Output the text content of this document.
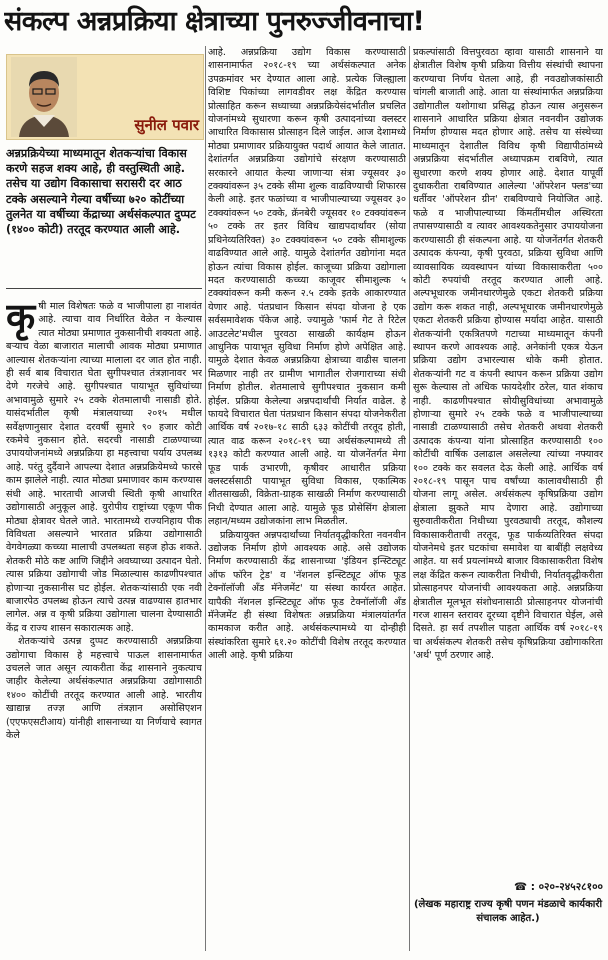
संकल्प अन्नप्रक्रिया क्षेत्राच्या पुनरुज्जीवनाचा!
सुनील पवार

अन्नप्रक्रियेच्या माध्यमातून शेतकऱ्यांचा विकास करणे सहज शक्य आहे, ही वस्तुस्थिती आहे. तसेच या उद्योग विकासाचा सरासरी दर आठ टक्के असल्याने गेल्या वर्षीच्या ७२० कोटींच्या तुलनेत या वर्षीच्या केंद्राच्या अर्थसंकल्पात दुप्पट (१४०० कोटी) तरतूद करण्यात आली आहे.

कृ षी माल विशेषतः फळे व भाजीपाला हा नाशवंत आहे. त्याचा वाव निर्धारित वेळेत न केल्यास त्यात मोठ्या प्रमाणात नुकसानीची शक्यता आहे. बऱ्याच वेळा बाजारात मालाची आवक मोठ्या प्रमाणात आल्यास शेतकऱ्यांना त्याच्या मालाला दर जात होत नाही. ही सर्व बाब विचारात घेता सुगीपश्चात तंत्रज्ञानावर भर देणे गरजेचे आहे. सुगीपश्चात पायाभूत सुविधांच्या अभावामुळे सुमारे २५ टक्के शेतमालाची नासाडी होते. यासंदर्भातील कृषी मंत्रालयाच्या २०१५ मधील सर्वेक्षणानुसार देशात दरवर्षी सुमारे ९० हजार कोटी रकमेचे नुकसान होते. सदरची नासाडी टाळण्याच्या उपाययोजनांमध्ये अन्नप्रक्रिया हा महत्त्वाचा पर्याय उपलब्ध आहे. परंतु दुर्दैवाने आपल्या देशात अन्नप्रक्रियेमध्ये फारसे काम झालेले नाही. त्यात मोठ्या प्रमाणावर काम करण्यास संधी आहे. भारताची आजची स्थिती कृषी आधारित उद्योगासाठी अनुकूल आहे. युरोपीय राष्ट्रांच्या एकूण पीक मोठ्या क्षेत्रावर घेतले जाते. भारतामध्ये राज्यनिहाय पीक विविधता असल्याने भारतात प्रक्रिया उद्योगासाठी वेगवेगळ्या कच्च्या मालाची उपलब्धता सहज होऊ शकते. शेतकरी मोठे कष्ट आणि जिद्दीने अवघ्याच्या उत्पादन घेतो. त्यास प्रक्रिया उद्योगाची जोड मिळाल्यास काढणीपश्चात होणाऱ्या नुकसानीस घट होईल. शेतकऱ्यांसाठी एक नवी बाजारपेठ उपलब्ध होऊन त्याचे उत्पन्न वाढण्यास हातभार लागेल. अन्न व कृषी प्रक्रिया उद्योगाला चालना देण्यासाठी केंद्र व राज्य शासन सकारात्मक आहे.

शेतकऱ्यांचे उत्पन्न दुप्पट करण्यासाठी अन्नप्रक्रिया उद्योगाचा विकास हे महत्त्वाचे पाऊल शासनामार्फत उचलले जात असून त्याकरीता केंद्र शासनाने नुकत्याच जाहीर केलेल्या अर्थसंकल्पात अन्नप्रक्रिया उद्योगासाठी १४०० कोटींची तरतूद करण्यात आली आहे. भारतीय खाद्यान्न तज्ज्ञ आणि तंत्रज्ञान असोसिएशन (एएफएसटीआय) यांनीही शासनाच्या या निर्णयाचे स्वागत केले

आहे. अन्नप्रक्रिया उद्योग विकास करण्यासाठी शासनामार्फत २०१८-१९ च्या अर्थसंकल्पात अनेक उपक्रमांवर भर देण्यात आला आहे. प्रत्येक जिल्ह्याला विशिष्ट पिकांच्या लागवडीवर लक्ष केंद्रित करण्यास प्रोत्साहित करून सध्याच्या अन्नप्रक्रियेसंदर्भातील प्रचलित योजनांमध्ये सुधारणा करून कृषी उत्पादनांच्या क्लस्टर आधारित विकासास प्रोत्साहन दिले जाईल. आज देशामध्ये मोठ्या प्रमाणावर प्रक्रियायुक्त पदार्थ आयात केले जातात. देशांतर्गत अन्नप्रक्रिया उद्योगांचे संरक्षण करण्यासाठी सरकारने आयात केल्या जाणाऱ्या संत्रा ज्यूसवर ३० टक्क्यांवरून ३५ टक्के सीमा शुल्क वाढविण्याची शिफारस केली आहे. इतर फळांच्या व भाजीपाल्याच्या ज्यूसवर ३० टक्क्यांवरून ५० टक्के, क्रॅनबेरी ज्यूसवर १० टक्क्यांवरून ५० टक्के तर इतर विविध खाद्यपदार्थांवर (सोया प्रथिनेव्यतिरिक्त) ३० टक्क्यांवरून ५० टक्के सीमाशुल्क वाढविण्यात आले आहे. यामुळे देशांतर्गत उद्योगांना मदत होऊन त्यांचा विकास होईल. काजूच्या प्रक्रिया उद्योगाला मदत करण्यासाठी कच्च्या काजूवर सीमाशुल्क ५ टक्क्यांवरून कमी करून २.५ टक्के इतके आकारण्यात येणार आहे. पंतप्रधान किसान संपदा योजना हे एक सर्वसमावेशक पॅकेज आहे. ज्यामुळे 'फार्म गेट ते रिटेल आउटलेट'मधील पुरवठा साखळी कार्यक्षम होऊन आधुनिक पायाभूत सुविधा निर्माण होणे अपेक्षित आहे. यामुळे देशात केवळ अन्नप्रक्रिया क्षेत्राच्या वाढीस चालना मिळणार नाही तर ग्रामीण भागातील रोजगाराच्या संधी निर्माण होतील. शेतमालाचे सुगीपश्चात नुकसान कमी होईल. प्रक्रिया केलेल्या अन्नपदार्थांची निर्यात वाढेल. हे फायदे विचारात घेता पंतप्रधान किसान संपदा योजनेकरीता आर्थिक वर्ष २०१७-१८ साठी ६३३ कोटींची तरतूद होती, त्यात वाढ करून २०१८-१९ च्या अर्थसंकल्पामध्ये ती १३१३ कोटी करण्यात आली आहे. या योजनेंतर्गत मेगा फूड पार्क उभारणी, कृषीवर आधारीत प्रक्रिया क्लस्टर्ससाठी पायाभूत सुविधा विकास, एकात्मिक शीतसाखळी, विक्रेता-ग्राहक साखळी निर्माण करण्यासाठी निधी देण्यात आला आहे. यामुळे फूड प्रोसेसिंग क्षेत्राला लहान/मध्यम उद्योजकांना लाभ मिळतील.

प्रक्रियायुक्त अन्नपदार्थांच्या निर्यातवृद्धीकरिता नवनवीन उद्योजक निर्माण होणे आवश्यक आहे. असे उद्योजक निर्माण करण्यासाठी केंद्र शासनाच्या 'इंडियन इन्स्टिट्यूट ऑफ फॉरेन ट्रेड' व 'नॅशनल इन्स्टिट्यूट ऑफ फूड टेक्नॉलॉजी अँड मॅनेजमेंट' या संस्था कार्यरत आहेत. यापैकी नॅशनल इन्स्टिट्यूट ऑफ फूड टेक्नॉलॉजी अँड मॅनेजमेंट ही संस्था विशेषतः अन्नप्रक्रिया मंत्रालयांतर्गत कामकाज करीत आहे. अर्थसंकल्पामध्ये या दोन्हीही संस्थांकरिता सुमारे ६१.२० कोटींची विशेष तरतूद करण्यात आली आहे. कृषी प्रक्रिया

प्रकल्पांसाठी वित्तपुरवठा व्हावा यासाठी शासनाने या क्षेत्रातील विशेष कृषी प्रक्रिया वित्तीय संस्थांची स्थापना करण्याचा निर्णय घेतला आहे, ही नवउद्योजकांसाठी चांगली बाजाती आहे. आता या संस्थांमार्फत अन्नप्रक्रिया उद्योगातील यशोगाथा प्रसिद्ध होऊन त्यास अनुसरून शासनाने आधारित प्रक्रिया क्षेत्रात नवनवीन उद्योजक निर्माण होण्यास मदत होणार आहे. तसेच या संस्थेच्या माध्यमातून देशातील विविध कृषी विद्यापीठांमध्ये अन्नप्रक्रिया संदर्भातील अध्यापक्रम राबविणे, त्यात सुधारणा करणे शक्य होणार आहे. देशात यापूर्वी दुधाकरीता राबविण्यात आलेल्या 'ऑपरेशन फ्लड'च्या धर्तीवर 'ऑपरेशन ग्रीन' राबविण्याचे नियोजित आहे. फळे व भाजीपाल्याच्या किंमतींमधील अस्थिरता तपासण्यासाठी व त्यावर आवश्यकतेनुसार उपाययोजना करण्यासाठी ही संकल्पना आहे. या योजनेंतर्गत शेतकरी उत्पादक कंपन्या, कृषी पुरवठा, प्रक्रिया सुविधा आणि व्यावसायिक व्यवस्थापन यांच्या विकासाकरीता ५०० कोटी रुपयांची तरतूद करण्यात आली आहे. अल्पभूधारक जमीनधारणेमुळे एकटा शेतकरी प्रक्रिया उद्योग करू शकत नाही, अल्पभूधारक जमीनधारणेमुळे एकटा शेतकरी प्रक्रिया होण्यास मर्यादा आहेत. यासाठी शेतकऱ्यांनी एकत्रितपणे गटाच्या माध्यमातून कंपनी स्थापन करणे आवश्यक आहे. अनेकांनी एकत्र येऊन प्रक्रिया उद्योग उभारल्यास धोके कमी होतात. शेतकऱ्यांनी गट व कंपनी स्थापन करून प्रक्रिया उद्योग सुरू केल्यास तो अधिक फायदेशीर ठरेल, यात शंकाच नाही. काढणीपश्चात सोयीसुविधांच्या अभावामुळे होणाऱ्या सुमारे २५ टक्के फळे व भाजीपाल्याच्या नासाडी टाळण्यासाठी तसेच शेतकरी अथवा शेतकरी उत्पादक कंपन्या यांना प्रोत्साहित करण्यासाठी १०० कोटींची वार्षिक उलाढाल असलेल्या त्यांच्या नफ्यावर १०० टक्के कर सवलत देऊ केली आहे. आर्थिक वर्ष २०१८-१९ पासून पाच वर्षांच्या कालावधीसाठी ही योजना लागू असेल. अर्थसंकल्प कृषिप्रक्रिया उद्योग क्षेत्राला झुकते माप देणारा आहे. उद्योगाच्या सुरुवातीकरीता निधीच्या पुरवठ्याची तरतूद, कौशल्य विकासाकरीताची तरतूद, फूड पार्कव्यतिरिक्त संपदा योजनेमधे इतर घटकांचा समावेश या बाबींही लक्षवेध्य आहेत. या सर्व प्रयत्नांमध्ये बाजार विकासाकरीता विशेष लक्ष केंद्रित करून त्याकरीता निधीची, निर्यातवृद्धीकरीता प्रोत्साहनपर योजनांची आवश्यकता आहे. अन्नप्रक्रिया क्षेत्रातील मूलभूत संशोधनासाठी प्रोत्साहनपर योजनांची गरज शासन स्तरावर दूरच्या दृष्टीने विचारात घेईल, असे दिसते. हा सर्व तपशील पाहता आर्थिक वर्ष २०१८-१९ चा अर्थसंकल्प शेतकरी तसेच कृषिप्रक्रिया उद्योगाकरिता 'अर्थ' पूर्ण ठरणार आहे.

☎ : ०२०-२४५२८१००
(लेखक महाराष्ट्र राज्य कृषी पणन मंडळाचे कार्यकारी संचालक आहेत.)
